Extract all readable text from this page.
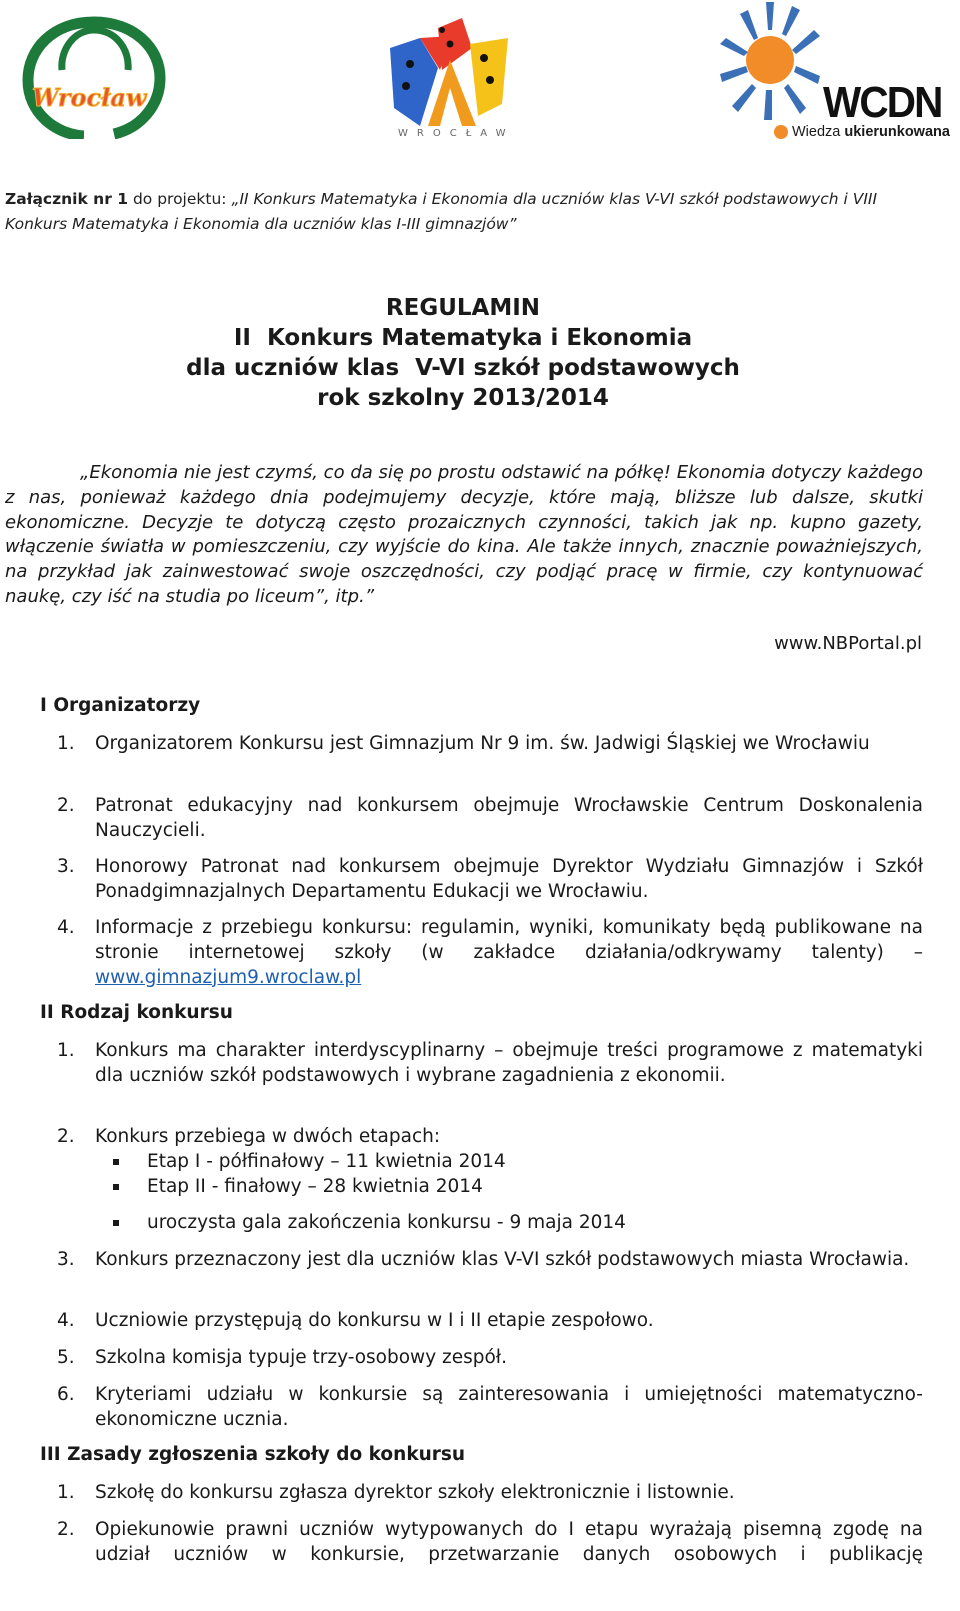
Wrocław
WROCŁAW
WCDN
Wiedza ukierunkowana
Załącznik nr 1 do projektu: „II Konkurs Matematyka i Ekonomia dla uczniów klas V-VI szkół podstawowych i VIII Konkurs Matematyka i Ekonomia dla uczniów klas I-III gimnazjów”
REGULAMIN
II  Konkurs Matematyka i Ekonomia
dla uczniów klas  V-VI szkół podstawowych
rok szkolny 2013/2014
„Ekonomia nie jest czymś, co da się po prostu odstawić na półkę! Ekonomia dotyczy każdego z nas, ponieważ każdego dnia podejmujemy decyzje, które mają, bliższe lub dalsze, skutki ekonomiczne. Decyzje te dotyczą często prozaicznych czynności, takich jak np. kupno gazety, włączenie światła w pomieszczeniu, czy wyjście do kina. Ale także innych, znacznie poważniejszych, na przykład jak zainwestować swoje oszczędności, czy podjąć pracę w firmie, czy kontynuować naukę, czy iść na studia po liceum”, itp.”
www.NBPortal.pl
I Organizatorzy
1.	Organizatorem Konkursu jest Gimnazjum Nr 9 im. św. Jadwigi Śląskiej we Wrocławiu
2.	Patronat edukacyjny nad konkursem obejmuje Wrocławskie Centrum Doskonalenia Nauczycieli.
3.	Honorowy Patronat nad konkursem obejmuje Dyrektor Wydziału Gimnazjów i Szkół Ponadgimnazjalnych Departamentu Edukacji we Wrocławiu.
4.	Informacje z przebiegu konkursu: regulamin, wyniki, komunikaty będą publikowane na stronie internetowej szkoły (w zakładce działania/odkrywamy talenty) – www.gimnazjum9.wroclaw.pl
II Rodzaj konkursu
1.	Konkurs ma charakter interdyscyplinarny – obejmuje treści programowe z matematyki dla uczniów szkół podstawowych i wybrane zagadnienia z ekonomii.
2.	Konkurs przebiega w dwóch etapach:
Etap I - półfinałowy – 11 kwietnia 2014
Etap II - finałowy – 28 kwietnia 2014
uroczysta gala zakończenia konkursu - 9 maja 2014
3.	Konkurs przeznaczony jest dla uczniów klas V-VI szkół podstawowych miasta Wrocławia.
4.	Uczniowie przystępują do konkursu w I i II etapie zespołowo.
5.	Szkolna komisja typuje trzy-osobowy zespół.
6.	Kryteriami udziału w konkursie są zainteresowania i umiejętności matematyczno-ekonomiczne ucznia.
III Zasady zgłoszenia szkoły do konkursu
1.	Szkołę do konkursu zgłasza dyrektor szkoły elektronicznie i listownie.
2.	Opiekunowie prawni uczniów wytypowanych do I etapu wyrażają pisemną zgodę na udział uczniów w konkursie, przetwarzanie danych osobowych i publikację
